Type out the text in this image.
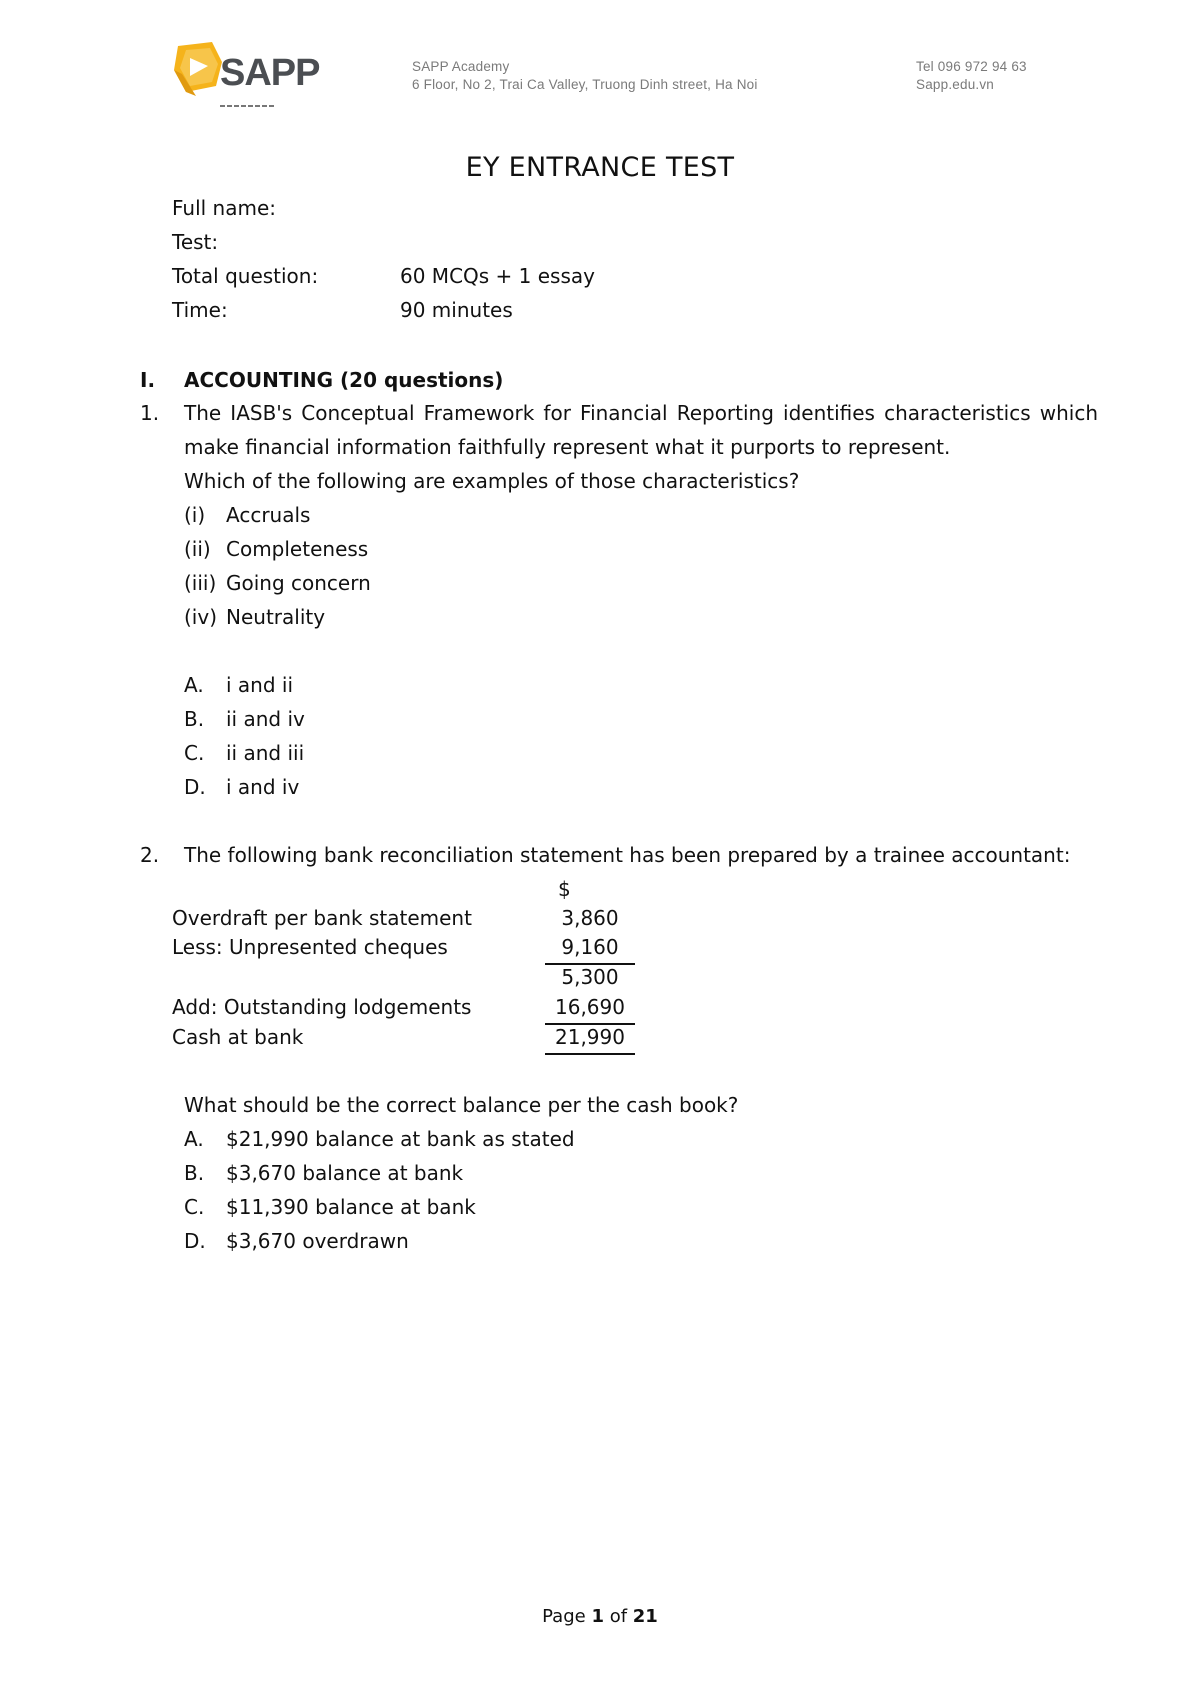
SAPP	SAPP Academy
6 Floor, No 2, Trai Ca Valley, Truong Dinh street, Ha Noi
Tel 096 972 94 63
Sapp.edu.vn
EY ENTRANCE TEST
Full name:
Test:
Total question:	60 MCQs + 1 essay
Time:	90 minutes
I. ACCOUNTING (20 questions)
1. The IASB's Conceptual Framework for Financial Reporting identifies characteristics which
make financial information faithfully represent what it purports to represent.
Which of the following are examples of those characteristics?
(i) Accruals
(ii) Completeness
(iii) Going concern
(iv) Neutrality
A. i and ii
B. ii and iv
C. ii and iii
D. i and iv
2. The following bank reconciliation statement has been prepared by a trainee accountant:
$
Overdraft per bank statement	3,860
Less: Unpresented cheques	9,160
5,300
Add: Outstanding lodgements	16,690
Cash at bank	21,990
What should be the correct balance per the cash book?
A. $21,990 balance at bank as stated
B. $3,670 balance at bank
C. $11,390 balance at bank
D. $3,670 overdrawn
Page 1 of 21
